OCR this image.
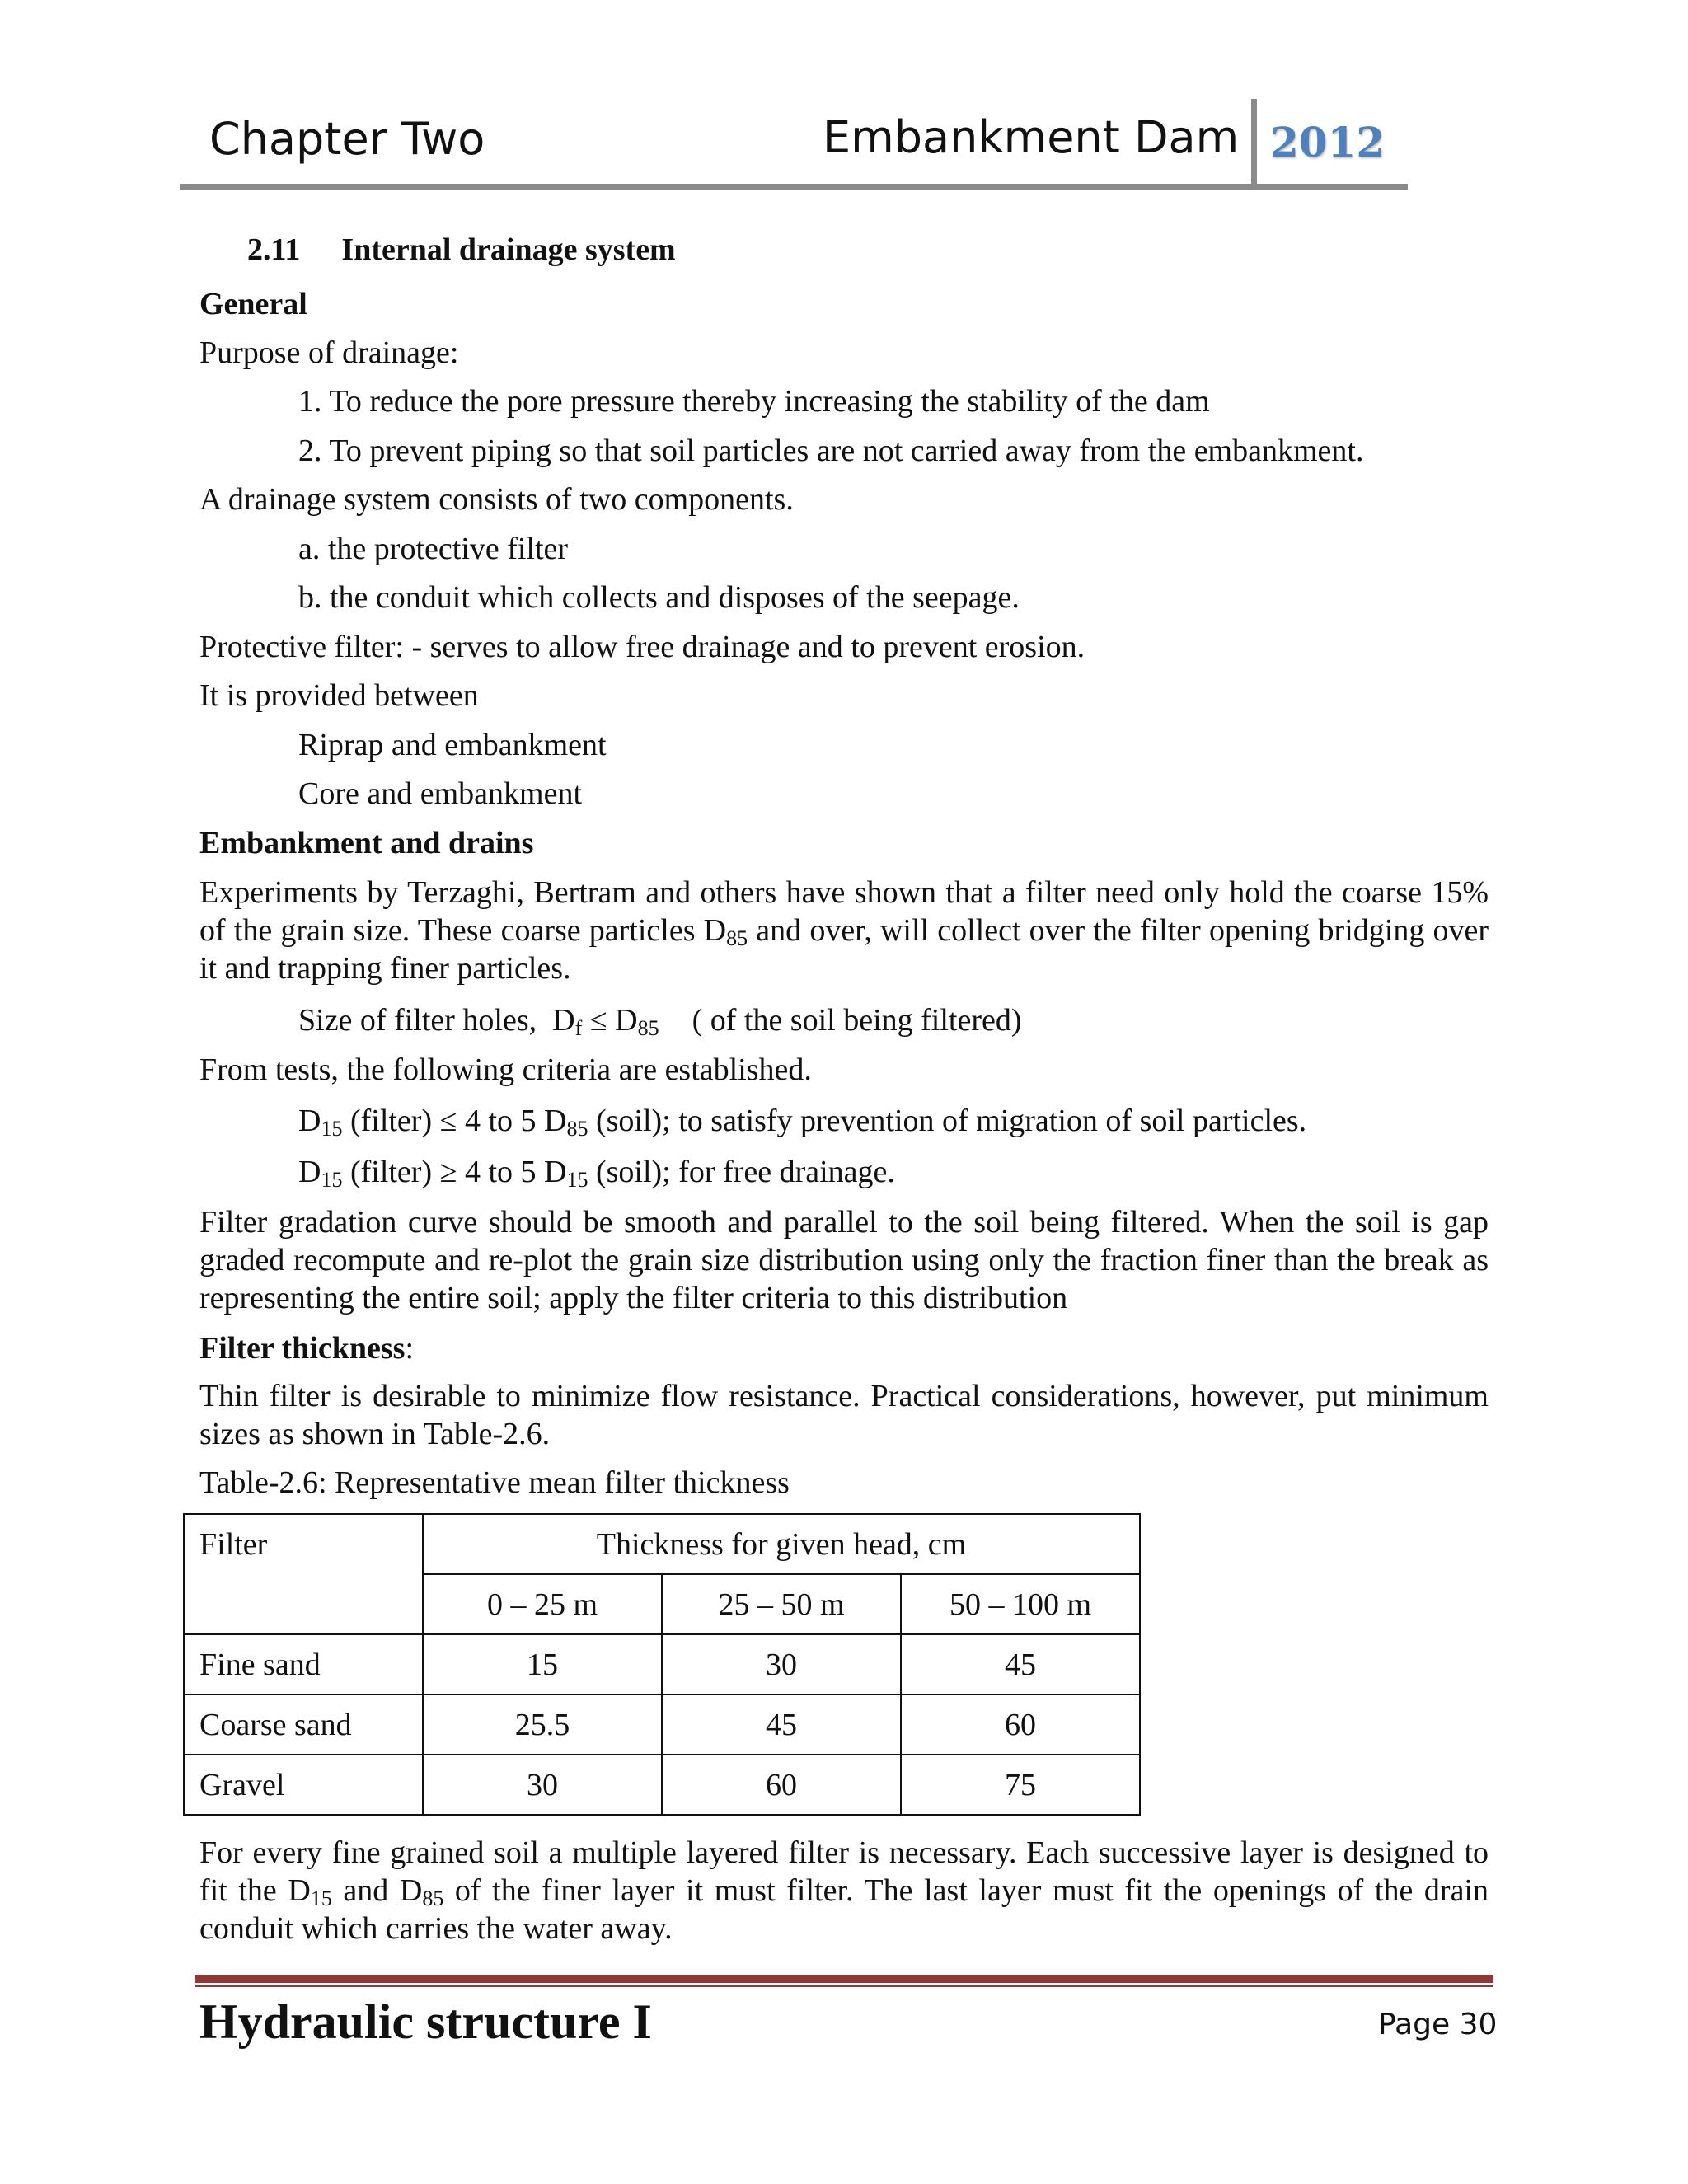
Chapter Two	Embankment Dam 2012
2.11 Internal drainage system
General
Purpose of drainage:
1. To reduce the pore pressure thereby increasing the stability of the dam
2. To prevent piping so that soil particles are not carried away from the embankment.
A drainage system consists of two components.
a. the protective filter
b. the conduit which collects and disposes of the seepage.
Protective filter: - serves to allow free drainage and to prevent erosion.
It is provided between
Riprap and embankment
Core and embankment
Embankment and drains
Experiments by Terzaghi, Bertram and others have shown that a filter need only hold the coarse 15% of the grain size. These coarse particles $D_{85}$ and over, will collect over the filter opening bridging over it and trapping finer particles.
Size of filter holes,  $D_f \le D_{85}$ ( of the soil being filtered)
From tests, the following criteria are established.
$D_{15}$ (filter) ≤ 4 to 5 $D_{85}$ (soil); to satisfy prevention of migration of soil particles.
$D_{15}$ (filter) ≥ 4 to 5 $D_{15}$ (soil); for free drainage.
Filter gradation curve should be smooth and parallel to the soil being filtered. When the soil is gap graded recompute and re-plot the grain size distribution using only the fraction finer than the break as representing the entire soil; apply the filter criteria to this distribution
Filter thickness:
Thin filter is desirable to minimize flow resistance. Practical considerations, however, put minimum sizes as shown in Table-2.6.
Table-2.6: Representative mean filter thickness
Filter	Thickness for given head, cm		
	0 – 25 m	25 – 50 m	50 – 100 m
Fine sand	15	30	45
Coarse sand	25.5	45	60
Gravel	30	60	75
For every fine grained soil a multiple layered filter is necessary. Each successive layer is designed to fit the $D_{15}$ and $D_{85}$ of the finer layer it must filter. The last layer must fit the openings of the drain conduit which carries the water away.
Hydraulic structure I	Page 30
